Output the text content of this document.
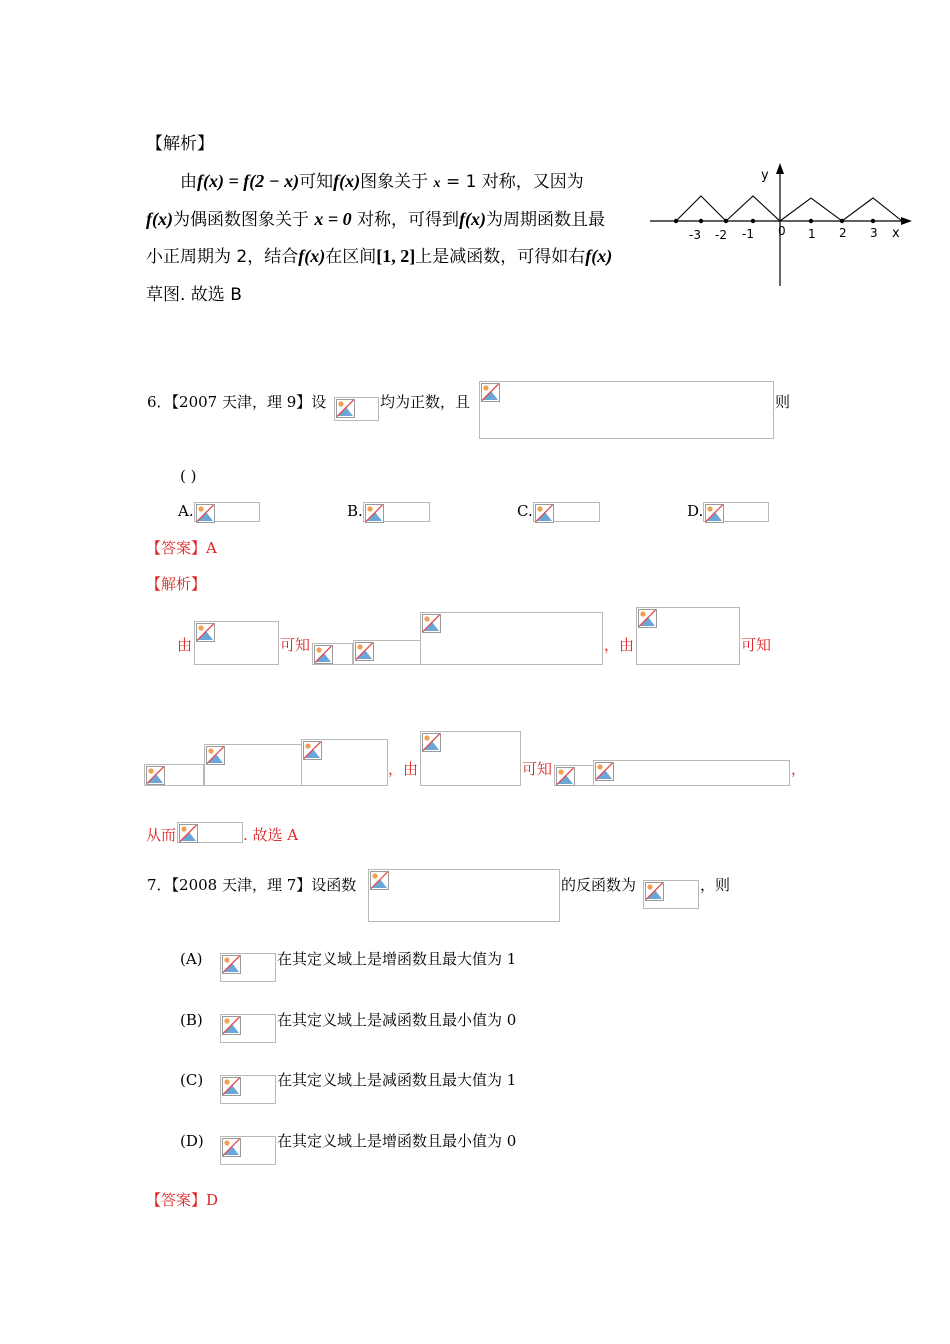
【解析】
由f(x) = f(2 − x)可知f(x)图象关于 x = 1 对称，又因为
f(x)为偶函数图象关于 x = 0 对称，可得到f(x)为周期函数且最
小正周期为 2，结合f(x)在区间[1, 2]上是减函数，可得如右f(x)
草图. 故选 B
y
x
0
-3 -2 -1	1 2 3
6．【2007 天津，理 9】设	均为正数，且	则
( )
A.	B.	C.	D.
【答案】A
【解析】
由	可知	，由	可知
，由	可知	，
从而	. 故选 A
7．【2008 天津，理 7】设函数	的反函数为	，则
(A)	在其定义域上是增函数且最大值为 1
(B)	在其定义域上是减函数且最小值为 0
(C)	在其定义域上是减函数且最大值为 1
(D)	在其定义域上是增函数且最小值为 0
【答案】D
